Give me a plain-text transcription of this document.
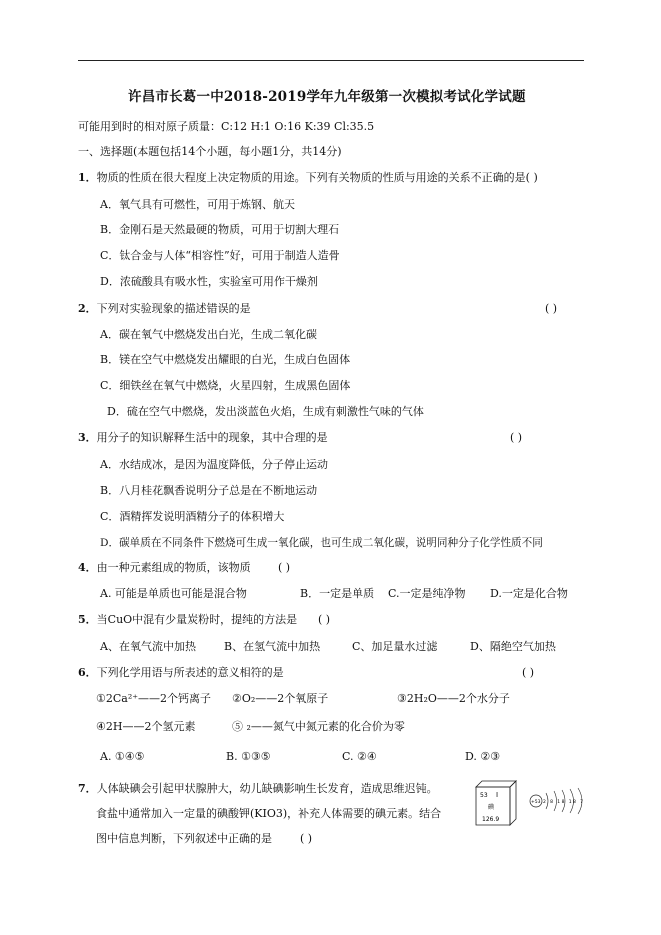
许昌市长葛一中2018-2019学年九年级第一次模拟考试化学试题
可能用到时的相对原子质量：C:12 H:1 O:16 K:39 Cl:35.5
一、选择题(本题包括14个小题，每小题1分，共14分)
1．物质的性质在很大程度上决定物质的用途。下列有关物质的性质与用途的关系不正确的是( )
A．氧气具有可燃性，可用于炼钢、航天
B．金刚石是天然最硬的物质，可用于切割大理石
C．钛合金与人体“相容性”好，可用于制造人造骨
D．浓硫酸具有吸水性，实验室可用作干燥剂
2．下列对实验现象的描述错误的是	( )
A．碳在氧气中燃烧发出白光，生成二氧化碳
B．镁在空气中燃烧发出耀眼的白光，生成白色固体
C．细铁丝在氧气中燃烧，火星四射，生成黑色固体
D．硫在空气中燃烧，发出淡蓝色火焰，生成有刺激性气味的气体
3．用分子的知识解释生活中的现象，其中合理的是	( )
A．水结成冰，是因为温度降低，分子停止运动
B．八月桂花飘香说明分子总是在不断地运动
C．酒精挥发说明酒精分子的体积增大
D．碳单质在不同条件下燃烧可生成一氧化碳，也可生成二氧化碳，说明同种分子化学性质不同
4．由一种元素组成的物质，该物质 ( )
A. 可能是单质也可能是混合物	B．一定是单质 C.一定是纯净物 D.一定是化合物
5．当CuO中混有少量炭粉时，提纯的方法是 ( )
A、在氧气流中加热	B、在氢气流中加热	C、加足量水过滤	D、隔绝空气加热
6．下列化学用语与所表述的意义相符的是	( )
①2Ca²⁺——2个钙离子 ②O₂——2个氧原子	③2H₂O——2个水分子
④2H——2个氢元素	⑤ ₂——氮气中氮元素的化合价为零
A. ①④⑤	B. ①③⑤	C. ②④	D. ②③
7．人体缺碘会引起甲状腺肿大，幼儿缺碘影响生长发育，造成思维迟钝。
食盐中通常加入一定量的碘酸钾(KIO3)，补充人体需要的碘元素。结合
图中信息判断，下列叙述中正确的是	( )
53 I
碘
126.9
+53 2 8 18 18 7
